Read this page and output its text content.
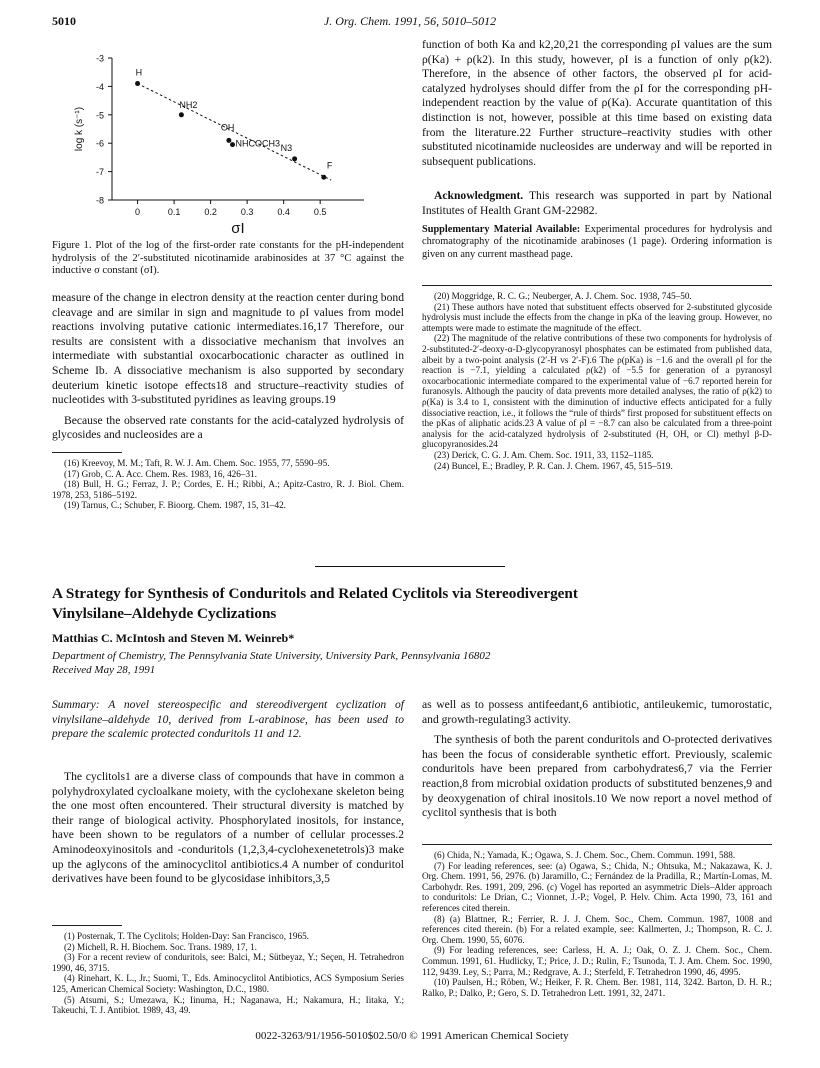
5010	J. Org. Chem. 1991, 56, 5010–5012
-3
-4
-5
-6
-7
-8
0	0.1	0.2	0.3	0.4	0.5
σI
log k (s⁻¹)
H
NH2
OH
NHCOCH3 N3
F
Figure 1. Plot of the log of the first-order rate constants for the pH-independent hydrolysis of the 2′-substituted nicotinamide arabinosides at 37 °C against the inductive σ constant (σI).

measure of the change in electron density at the reaction center during bond cleavage and are similar in sign and magnitude to ρI values from model reactions involving putative cationic intermediates.16,17 Therefore, our results are consistent with a dissociative mechanism that involves an intermediate with substantial oxocarbocationic character as outlined in Scheme Ib. A dissociative mechanism is also supported by secondary deuterium kinetic isotope effects18 and structure–reactivity studies of nucleotides with 3-substituted pyridines as leaving groups.19

Because the observed rate constants for the acid-catalyzed hydrolysis of glycosides and nucleosides are a

(16) Kreevoy, M. M.; Taft, R. W. J. Am. Chem. Soc. 1955, 77, 5590–95.
(17) Grob, C. A. Acc. Chem. Res. 1983, 16, 426–31.
(18) Bull, H. G.; Ferraz, J. P.; Cordes, E. H.; Ribbi, A.; Apitz-Castro, R. J. Biol. Chem. 1978, 253, 5186–5192.
(19) Tarnus, C.; Schuber, F. Bioorg. Chem. 1987, 15, 31–42.

function of both Ka and k2,20,21 the corresponding ρI values are the sum ρ(Ka) + ρ(k2). In this study, however, ρI is a function of only ρ(k2). Therefore, in the absence of other factors, the observed ρI for acid-catalyzed hydrolyses should differ from the ρI for the corresponding pH-independent reaction by the value of ρ(Ka). Accurate quantitation of this distinction is not, however, possible at this time based on existing data from the literature.22 Further structure–reactivity studies with other substituted nicotinamide nucleosides are underway and will be reported in subsequent publications.

Acknowledgment. This research was supported in part by National Institutes of Health Grant GM-22982.

Supplementary Material Available: Experimental procedures for hydrolysis and chromatography of the nicotinamide arabinoses (1 page). Ordering information is given on any current masthead page.
(20) Moggridge, R. C. G.; Neuberger, A. J. Chem. Soc. 1938, 745–50.
(21) These authors have noted that substituent effects observed for 2-substituted glycoside hydrolysis must include the effects from the change in pKa of the leaving group. However, no attempts were made to estimate the magnitude of the effect.
(22) The magnitude of the relative contributions of these two components for hydrolysis of 2-substituted-2′-deoxy-α-D-glycopyranosyl phosphates can be estimated from published data, albeit by a two-point analysis (2′-H vs 2′-F).6 The ρ(pKa) is −1.6 and the overall ρI for the reaction is −7.1, yielding a calculated ρ(k2) of −5.5 for generation of a pyranosyl oxocarbocationic intermediate compared to the experimental value of −6.7 reported herein for furanosyls. Although the paucity of data prevents more detailed analyses, the ratio of ρ(k2) to ρ(Ka) is 3.4 to 1, consistent with the diminution of inductive effects anticipated for a fully dissociative reaction, i.e., it follows the “rule of thirds” first proposed for substituent effects on the pKas of aliphatic acids.23 A value of ρI = −8.7 can also be calculated from a three-point analysis for the acid-catalyzed hydrolysis of 2-substituted (H, OH, or Cl) methyl β-D-glucopyranosides.24
(23) Derick, C. G. J. Am. Chem. Soc. 1911, 33, 1152–1185.
(24) Buncel, E.; Bradley, P. R. Can. J. Chem. 1967, 45, 515–519.
A Strategy for Synthesis of Conduritols and Related Cyclitols via Stereodivergent
Vinylsilane–Aldehyde Cyclizations
Matthias C. McIntosh and Steven M. Weinreb*
Department of Chemistry, The Pennsylvania State University, University Park, Pennsylvania 16802
Received May 28, 1991

Summary: A novel stereospecific and stereodivergent cyclization of vinylsilane–aldehyde 10, derived from L-arabinose, has been used to prepare the scalemic protected conduritols 11 and 12.

The cyclitols1 are a diverse class of compounds that have in common a polyhydroxylated cycloalkane moiety, with the cyclohexane skeleton being the one most often encountered. Their structural diversity is matched by their range of biological activity. Phosphorylated inositols, for instance, have been shown to be regulators of a number of cellular processes.2 Aminodeoxyinositols and -conduritols (1,2,3,4-cyclohexenetetrols)3 make up the aglycons of the aminocyclitol antibiotics.4 A number of conduritol derivatives have been found to be glycosidase inhibitors,3,5

(1) Posternak, T. The Cyclitols; Holden-Day: San Francisco, 1965.
(2) Michell, R. H. Biochem. Soc. Trans. 1989, 17, 1.
(3) For a recent review of conduritols, see: Balci, M.; Sütbeyaz, Y.; Seçen, H. Tetrahedron 1990, 46, 3715.
(4) Rinehart, K. L., Jr.; Suomi, T., Eds. Aminocyclitol Antibiotics, ACS Symposium Series 125, American Chemical Society: Washington, D.C., 1980.
(5) Atsumi, S.; Umezawa, K.; Iinuma, H.; Naganawa, H.; Nakamura, H.; Iitaka, Y.; Takeuchi, T. J. Antibiot. 1989, 43, 49.

as well as to possess antifeedant,6 antibiotic, antileukemic, tumorostatic, and growth-regulating3 activity.

The synthesis of both the parent conduritols and O-protected derivatives has been the focus of considerable synthetic effort. Previously, scalemic conduritols have been prepared from carbohydrates6,7 via the Ferrier reaction,8 from microbial oxidation products of substituted benzenes,9 and by deoxygenation of chiral inositols.10 We now report a novel method of cyclitol synthesis that is both

(6) Chida, N.; Yamada, K.; Ogawa, S. J. Chem. Soc., Chem. Commun. 1991, 588.
(7) For leading references, see: (a) Ogawa, S.; Chida, N.; Ohtsuka, M.; Nakazawa, K. J. Org. Chem. 1991, 56, 2976. (b) Jaramillo, C.; Fernández de la Pradilla, R.; Martín-Lomas, M. Carbohydr. Res. 1991, 209, 296. (c) Vogel has reported an asymmetric Diels–Alder approach to conduritols: Le Drian, C.; Vionnet, J.-P.; Vogel, P. Helv. Chim. Acta 1990, 73, 161 and references cited therein.
(8) (a) Blattner, R.; Ferrier, R. J. J. Chem. Soc., Chem. Commun. 1987, 1008 and references cited therein. (b) For a related example, see: Kallmerten, J.; Thompson, R. C. J. Org. Chem. 1990, 55, 6076.
(9) For leading references, see: Carless, H. A. J.; Oak, O. Z. J. Chem. Soc., Chem. Commun. 1991, 61. Hudlicky, T.; Price, J. D.; Rulin, F.; Tsunoda, T. J. Am. Chem. Soc. 1990, 112, 9439. Ley, S.; Parra, M.; Redgrave, A. J.; Sterfeld, F. Tetrahedron 1990, 46, 4995.
(10) Paulsen, H.; Röben, W.; Heiker, F. R. Chem. Ber. 1981, 114, 3242. Barton, D. H. R.; Ralko, P.; Dalko, P.; Gero, S. D. Tetrahedron Lett. 1991, 32, 2471.
0022-3263/91/1956-5010$02.50/0 © 1991 American Chemical Society
